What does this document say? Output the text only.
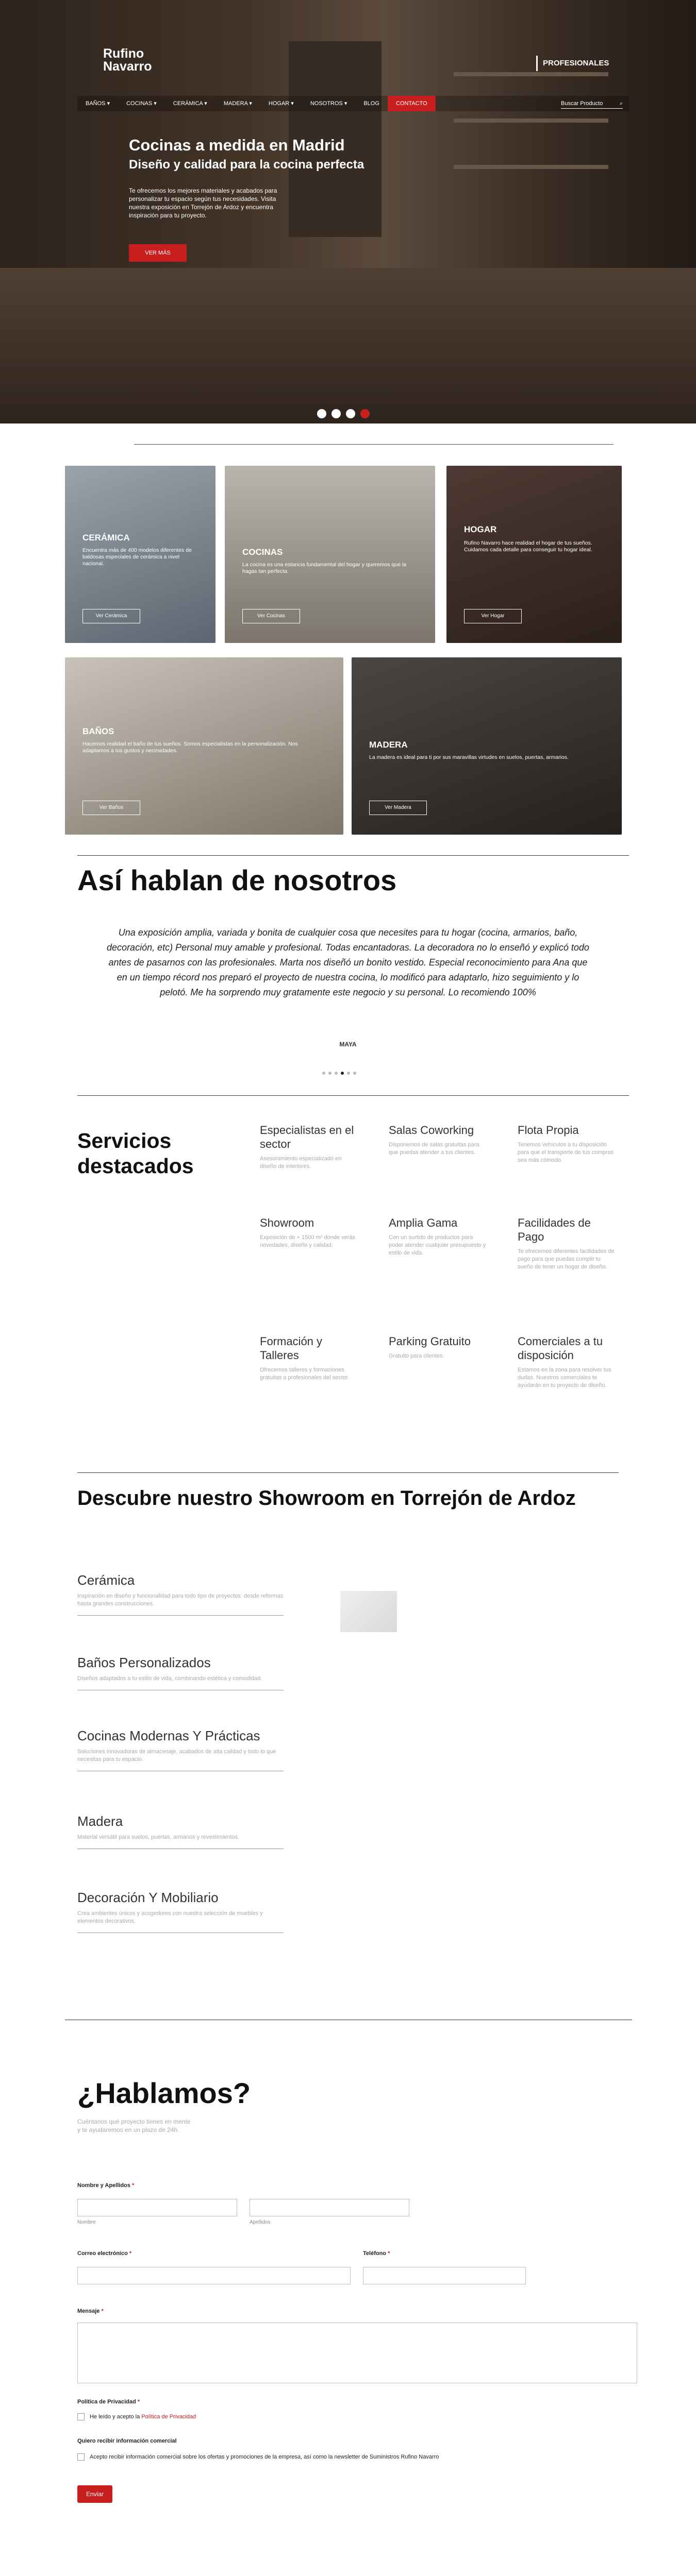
Rufino
Navarro	PROFESIONALES
BAÑOS ▾	COCINAS ▾	CERÁMICA ▾	MADERA ▾	HOGAR ▾	NOSOTROS ▾	BLOG	CONTACTO	Buscar Producto	⌕
Cocinas a medida en Madrid
Diseño y calidad para la cocina perfecta
Te ofrecemos los mejores materiales y acabados para personalizar tu espacio según tus necesidades. Visita nuestra exposición en Torrejón de Ardoz y encuentra inspiración para tu proyecto.
VER MÁS
CERÁMICA
Encuentra más de 400 modelos diferentes de baldosas especiales de cerámica a nivel nacional.
Ver Cerámica
COCINAS
La cocina es una estancia fundamental del hogar y queremos que la hagas tan perfecta.
Ver Cocinas
HOGAR
Rufino Navarro hace realidad el hogar de tus sueños. Cuidamos cada detalle para conseguir tu hogar ideal.
Ver Hogar
BAÑOS
Hacemos realidad el baño de tus sueños. Somos especialistas en la personalización. Nos adaptamos a tus gustos y necesidades.
Ver Baños
MADERA
La madera es ideal para ti por sus maravillas virtudes en suelos, puertas, armarios.
Ver Madera
Así hablan de nosotros
Una exposición amplia, variada y bonita de cualquier cosa que necesites para tu hogar (cocina, armarios, baño, decoración, etc) Personal muy amable y profesional. Todas encantadoras. La decoradora no lo enseñó y explicó todo antes de pasarnos con las profesionales. Marta nos diseñó un bonito vestido. Especial reconocimiento para Ana que en un tiempo récord nos preparó el proyecto de nuestra cocina, lo modificó para adaptarlo, hizo seguimiento y lo pelotó. Me ha sorprendo muy gratamente este negocio y su personal. Lo recomiendo 100%
MAYA
Servicios destacados
Especialistas en el sector
Asesoramiento especializado en diseño de interiores.
Salas Coworking
Disponemos de salas gratuitas para que puedas atender a tus clientes.
Flota Propia
Tenemos vehículos a tu disposición para que el transporte de tus compras sea más cómodo.
Showroom
Exposición de + 1500 m² donde verás novedades, diseño y calidad.
Amplia Gama
Con un surtido de productos para poder atender cualquier presupuesto y estilo de vida.
Facilidades de Pago
Te ofrecemos diferentes facilidades de pago para que puedas cumplir tu sueño de tener un hogar de diseño.
Formación y Talleres
Ofrecemos talleres y formaciones gratuitas a profesionales del sector.
Parking Gratuito
Gratuito para clientes.
Comerciales a tu disposición
Estamos en la zona para resolver tus dudas. Nuestros comerciales te ayudarán en tu proyecto de diseño.
Descubre nuestro Showroom en Torrejón de Ardoz
Cerámica
Inspiración en diseño y funcionalidad para todo tipo de proyectos: desde reformas hasta grandes construcciones.
Baños Personalizados
Diseños adaptados a tu estilo de vida, combinando estética y comodidad.
Cocinas Modernas Y Prácticas
Soluciones innovadoras de almacenaje, acabados de alta calidad y todo lo que necesitas para tu espacio.
Madera
Material versátil para suelos, puertas, armarios y revestimientos.
Decoración Y Mobiliario
Crea ambientes únicos y acogedores con nuestra selección de muebles y elementos decorativos.
¿Hablamos?
Cuéntanos qué proyecto tienes en mente y te ayudaremos en un plazo de 24h.
Nombre y Apellidos *
Nombre	Apellidos
Correo electrónico *	Teléfono *
Mensaje *
Política de Privacidad *
He leído y acepto la Política de Privacidad
Quiero recibir información comercial
Acepto recibir información comercial sobre los ofertas y promociones de la empresa, así como la newsletter de Suministros Rufino Navarro
Enviar
